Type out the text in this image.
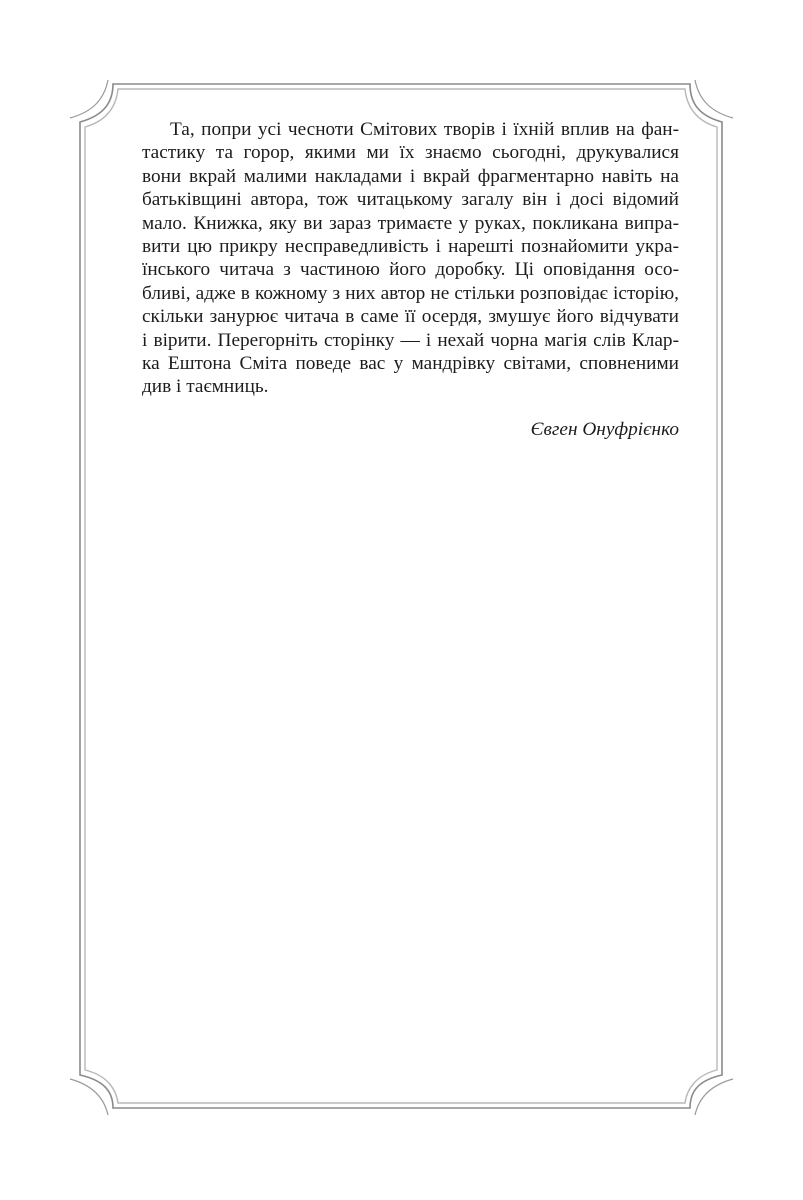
Та, попри усі чесноти Смітових творів і їхній вплив на фан-
тастику та горор, якими ми їх знаємо сьогодні, друкувалися
вони вкрай малими накладами і вкрай фрагментарно навіть на
батьківщині автора, тож читацькому загалу він і досі відомий
мало. Книжка, яку ви зараз тримаєте у руках, покликана випра-
вити цю прикру несправедливість і нарешті познайомити укра-
їнського читача з частиною його доробку. Ці оповідання осо-
бливі, адже в кожному з них автор не стільки розповідає історію,
скільки занурює читача в саме її осердя, змушує його відчувати
і вірити. Перегорніть сторінку — і нехай чорна магія слів Клар-
ка Ештона Сміта поведе вас у мандрівку світами, сповненими
див і таємниць.
Євген Онуфрієнко
